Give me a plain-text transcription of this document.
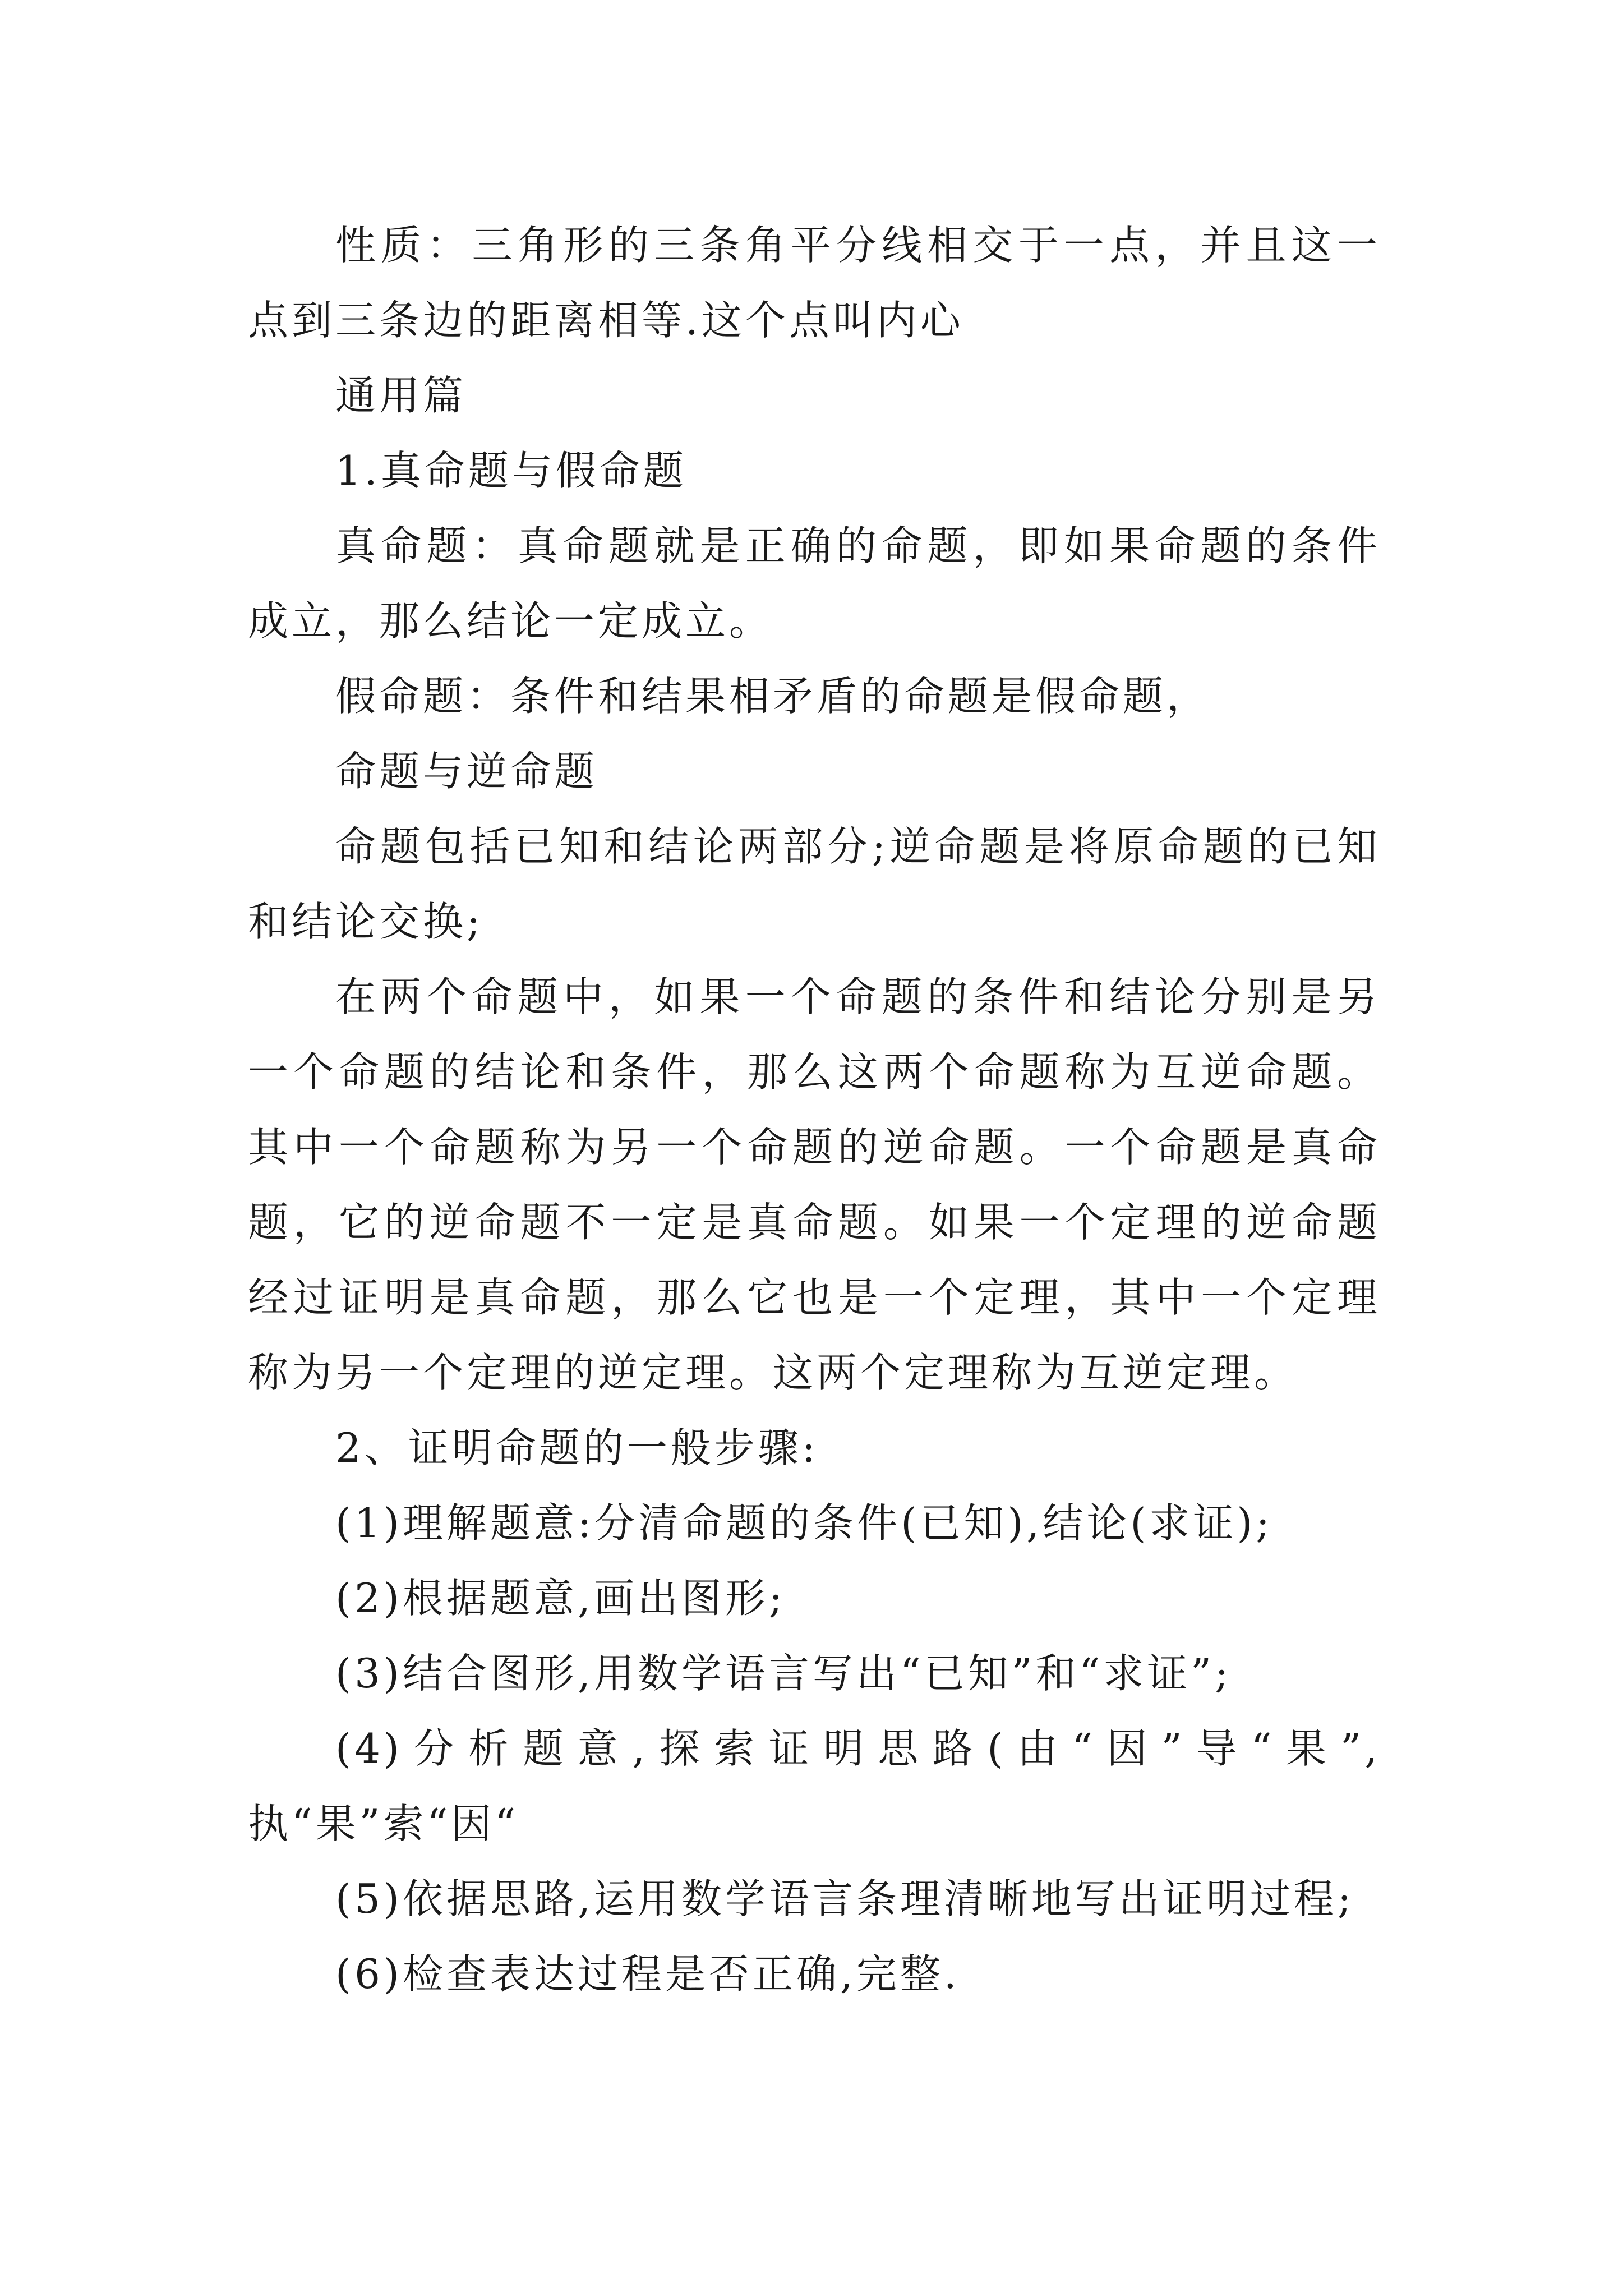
性质：三角形的三条角平分线相交于一点，并且这一点到三条边的距离相等.这个点叫内心

通用篇

1.真命题与假命题

真命题：真命题就是正确的命题，即如果命题的条件成立，那么结论一定成立。

假命题：条件和结果相矛盾的命题是假命题，

命题与逆命题

命题包括已知和结论两部分;逆命题是将原命题的已知和结论交换;

在两个命题中，如果一个命题的条件和结论分别是另一个命题的结论和条件，那么这两个命题称为互逆命题。其中一个命题称为另一个命题的逆命题。一个命题是真命题，它的逆命题不一定是真命题。如果一个定理的逆命题经过证明是真命题，那么它也是一个定理，其中一个定理称为另一个定理的逆定理。这两个定理称为互逆定理。

2、证明命题的一般步骤:

(1)理解题意:分清命题的条件(已知),结论(求证);

(2)根据题意,画出图形;

(3)结合图形,用数学语言写出“已知”和“求证”;

(4)分析题意,探索证明思路(由“因”导“果”,执“果”索“因“

(5)依据思路,运用数学语言条理清晰地写出证明过程;

(6)检查表达过程是否正确,完整.
